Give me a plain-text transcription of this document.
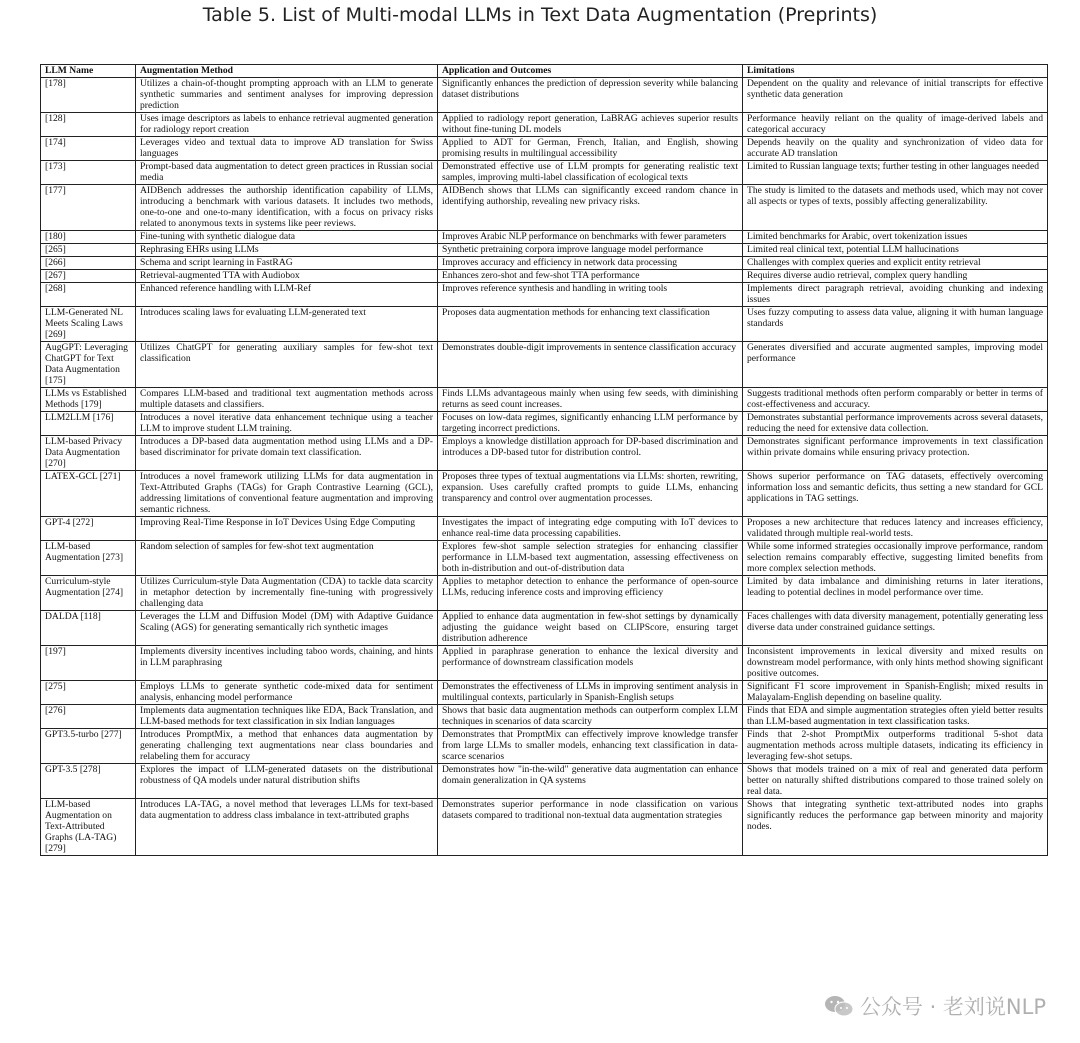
Table 5. List of Multi-modal LLMs in Text Data Augmentation (Preprints)
LLM Name	Augmentation Method	Application and Outcomes	Limitations
[178]	Utilizes a chain-of-thought prompting approach with an LLM to generate synthetic summaries and sentiment analyses for improving depression prediction	Significantly enhances the prediction of depression severity while balancing dataset distributions	Dependent on the quality and relevance of initial transcripts for effective synthetic data generation
[128]	Uses image descriptors as labels to enhance retrieval augmented generation for radiology report creation	Applied to radiology report generation, LaBRAG achieves superior results without fine-tuning DL models	Performance heavily reliant on the quality of image-derived labels and categorical accuracy
[174]	Leverages video and textual data to improve AD translation for Swiss languages	Applied to ADT for German, French, Italian, and English, showing promising results in multilingual accessibility	Depends heavily on the quality and synchronization of video data for accurate AD translation
[173]	Prompt-based data augmentation to detect green practices in Russian social media	Demonstrated effective use of LLM prompts for generating realistic text samples, improving multi-label classification of ecological texts	Limited to Russian language texts; further testing in other languages needed
[177]	AIDBench addresses the authorship identification capability of LLMs, introducing a benchmark with various datasets. It includes two methods, one-to-one and one-to-many identification, with a focus on privacy risks related to anonymous texts in systems like peer reviews.	AIDBench shows that LLMs can significantly exceed random chance in identifying authorship, revealing new privacy risks.	The study is limited to the datasets and methods used, which may not cover all aspects or types of texts, possibly affecting generalizability.
[180]	Fine-tuning with synthetic dialogue data	Improves Arabic NLP performance on benchmarks with fewer parameters	Limited benchmarks for Arabic, overt tokenization issues
[265]	Rephrasing EHRs using LLMs	Synthetic pretraining corpora improve language model performance	Limited real clinical text, potential LLM hallucinations
[266]	Schema and script learning in FastRAG	Improves accuracy and efficiency in network data processing	Challenges with complex queries and explicit entity retrieval
[267]	Retrieval-augmented TTA with Audiobox	Enhances zero-shot and few-shot TTA performance	Requires diverse audio retrieval, complex query handling
[268]	Enhanced reference handling with LLM-Ref	Improves reference synthesis and handling in writing tools	Implements direct paragraph retrieval, avoiding chunking and indexing issues
LLM-Generated NL Meets Scaling Laws [269]	Introduces scaling laws for evaluating LLM-generated text	Proposes data augmentation methods for enhancing text classification	Uses fuzzy computing to assess data value, aligning it with human language standards
AugGPT: Leveraging ChatGPT for Text Data Augmentation [175]	Utilizes ChatGPT for generating auxiliary samples for few-shot text classification	Demonstrates double-digit improvements in sentence classification accuracy	Generates diversified and accurate augmented samples, improving model performance
LLMs vs Established Methods [179]	Compares LLM-based and traditional text augmentation methods across multiple datasets and classifiers.	Finds LLMs advantageous mainly when using few seeds, with diminishing returns as seed count increases.	Suggests traditional methods often perform comparably or better in terms of cost-effectiveness and accuracy.
LLM2LLM [176]	Introduces a novel iterative data enhancement technique using a teacher LLM to improve student LLM training.	Focuses on low-data regimes, significantly enhancing LLM performance by targeting incorrect predictions.	Demonstrates substantial performance improvements across several datasets, reducing the need for extensive data collection.
LLM-based Privacy Data Augmentation [270]	Introduces a DP-based data augmentation method using LLMs and a DP-based discriminator for private domain text classification.	Employs a knowledge distillation approach for DP-based discrimination and introduces a DP-based tutor for distribution control.	Demonstrates significant performance improvements in text classification within private domains while ensuring privacy protection.
LATEX-GCL [271]	Introduces a novel framework utilizing LLMs for data augmentation in Text-Attributed Graphs (TAGs) for Graph Contrastive Learning (GCL), addressing limitations of conventional feature augmentation and improving semantic richness.	Proposes three types of textual augmentations via LLMs: shorten, rewriting, expansion. Uses carefully crafted prompts to guide LLMs, enhancing transparency and control over augmentation processes.	Shows superior performance on TAG datasets, effectively overcoming information loss and semantic deficits, thus setting a new standard for GCL applications in TAG settings.
GPT-4 [272]	Improving Real-Time Response in IoT Devices Using Edge Computing	Investigates the impact of integrating edge computing with IoT devices to enhance real-time data processing capabilities.	Proposes a new architecture that reduces latency and increases efficiency, validated through multiple real-world tests.
LLM-based Augmentation [273]	Random selection of samples for few-shot text augmentation	Explores few-shot sample selection strategies for enhancing classifier performance in LLM-based text augmentation, assessing effectiveness on both in-distribution and out-of-distribution data	While some informed strategies occasionally improve performance, random selection remains comparably effective, suggesting limited benefits from more complex selection methods.
Curriculum-style Augmentation [274]	Utilizes Curriculum-style Data Augmentation (CDA) to tackle data scarcity in metaphor detection by incrementally fine-tuning with progressively challenging data	Applies to metaphor detection to enhance the performance of open-source LLMs, reducing inference costs and improving efficiency	Limited by data imbalance and diminishing returns in later iterations, leading to potential declines in model performance over time.
DALDA [118]	Leverages the LLM and Diffusion Model (DM) with Adaptive Guidance Scaling (AGS) for generating semantically rich synthetic images	Applied to enhance data augmentation in few-shot settings by dynamically adjusting the guidance weight based on CLIPScore, ensuring target distribution adherence	Faces challenges with data diversity management, potentially generating less diverse data under constrained guidance settings.
[197]	Implements diversity incentives including taboo words, chaining, and hints in LLM paraphrasing	Applied in paraphrase generation to enhance the lexical diversity and performance of downstream classification models	Inconsistent improvements in lexical diversity and mixed results on downstream model performance, with only hints method showing significant positive outcomes.
[275]	Employs LLMs to generate synthetic code-mixed data for sentiment analysis, enhancing model performance	Demonstrates the effectiveness of LLMs in improving sentiment analysis in multilingual contexts, particularly in Spanish-English setups	Significant F1 score improvement in Spanish-English; mixed results in Malayalam-English depending on baseline quality.
[276]	Implements data augmentation techniques like EDA, Back Translation, and LLM-based methods for text classification in six Indian languages	Shows that basic data augmentation methods can outperform complex LLM techniques in scenarios of data scarcity	Finds that EDA and simple augmentation strategies often yield better results than LLM-based augmentation in text classification tasks.
GPT3.5-turbo [277]	Introduces PromptMix, a method that enhances data augmentation by generating challenging text augmentations near class boundaries and relabeling them for accuracy	Demonstrates that PromptMix can effectively improve knowledge transfer from large LLMs to smaller models, enhancing text classification in data-scarce scenarios	Finds that 2-shot PromptMix outperforms traditional 5-shot data augmentation methods across multiple datasets, indicating its efficiency in leveraging few-shot setups.
GPT-3.5 [278]	Explores the impact of LLM-generated datasets on the distributional robustness of QA models under natural distribution shifts	Demonstrates how "in-the-wild" generative data augmentation can enhance domain generalization in QA systems	Shows that models trained on a mix of real and generated data perform better on naturally shifted distributions compared to those trained solely on real data.
LLM-based Augmentation on Text-Attributed Graphs (LA-TAG) [279]	Introduces LA-TAG, a novel method that leverages LLMs for text-based data augmentation to address class imbalance in text-attributed graphs	Demonstrates superior performance in node classification on various datasets compared to traditional non-textual data augmentation strategies	Shows that integrating synthetic text-attributed nodes into graphs significantly reduces the performance gap between minority and majority nodes.
公众号 · 老刘说NLP
